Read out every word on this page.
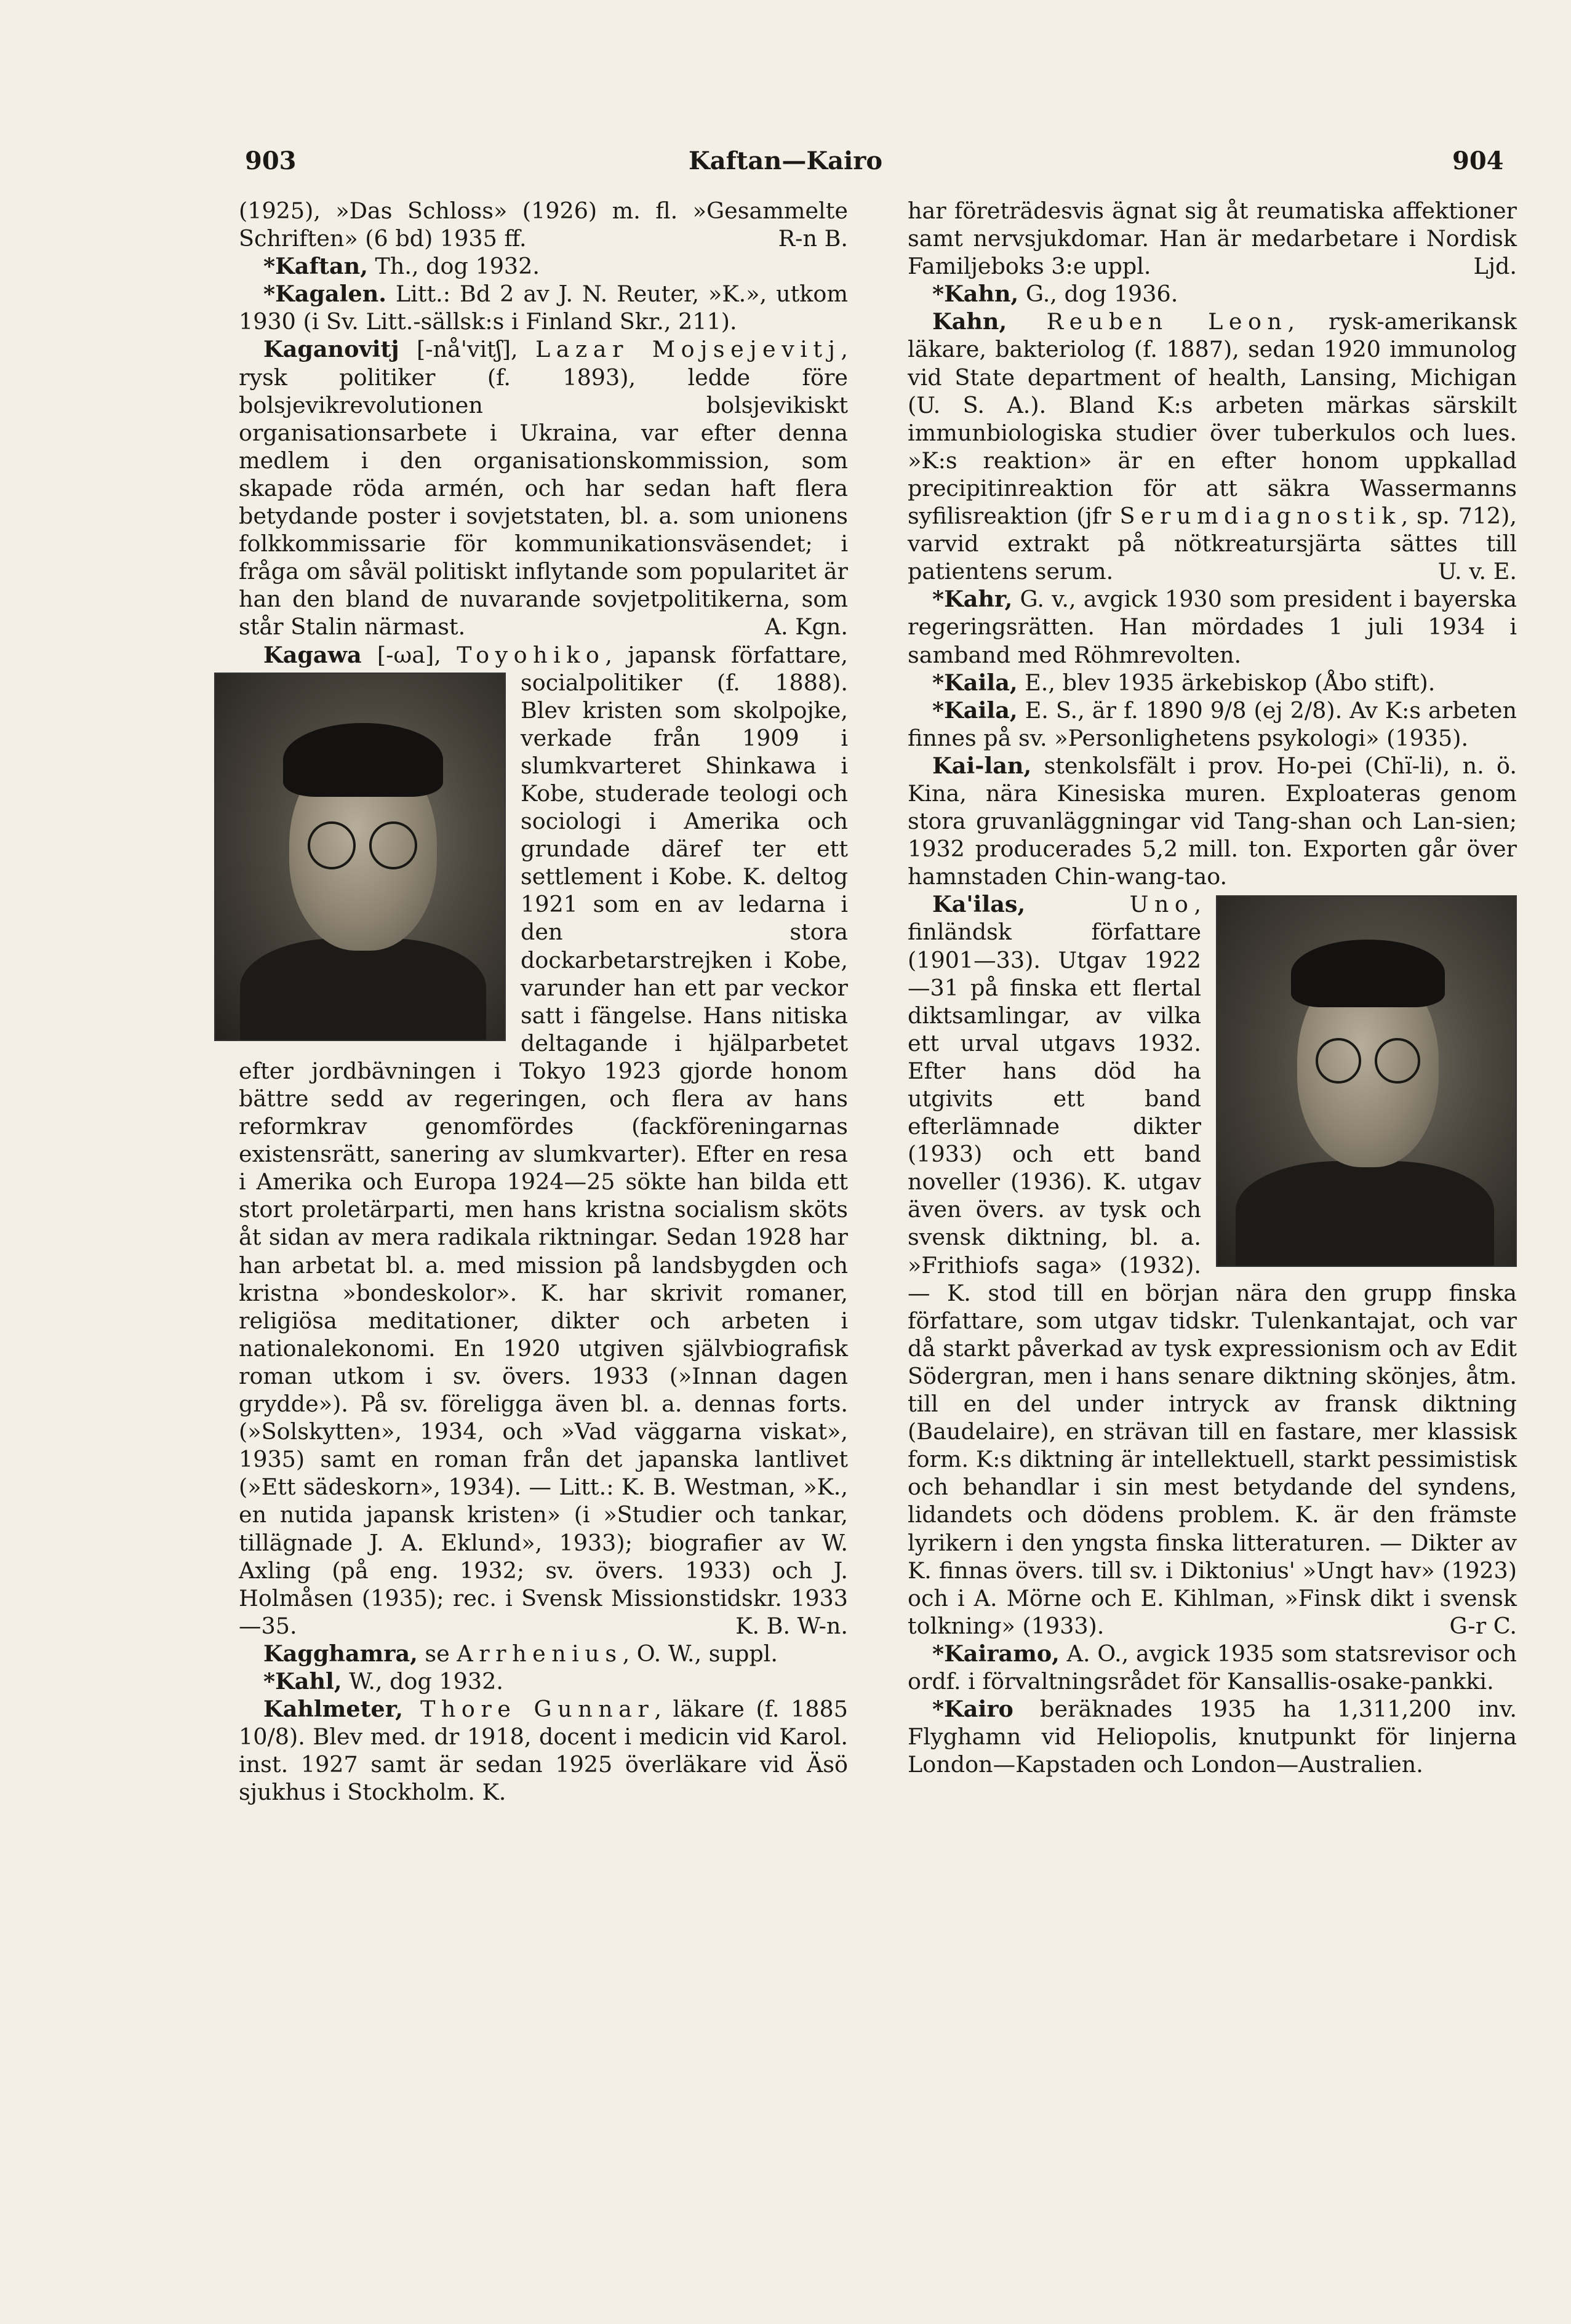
903	Kaftan—Kairo	904

(1925), »Das Schloss» (1926) m. fl. »Gesammelte Schriften» (6 bd) 1935 ff.	R-n B.

*Kaftan, Th., dog 1932.

*Kagalen. Litt.: Bd 2 av J. N. Reuter, »K.», utkom 1930 (i Sv. Litt.-sällsk:s i Finland Skr., 211).

Kaganovitj [-nå'vitʃ], Lazar Mojsejevitj, rysk politiker (f. 1893), ledde före bolsjevikrevolutionen bolsjevikiskt organisationsarbete i Ukraina, var efter denna medlem i den organisationskommission, som skapade röda armén, och har sedan haft flera betydande poster i sovjetstaten, bl. a. som unionens folkkommissarie för kommunikationsväsendet; i fråga om såväl politiskt inflytande som popularitet är han den bland de nuvarande sovjetpolitikerna, som står Stalin närmast.	A. Kgn.

Kagawa [-ωa], Toyohiko
, japansk författare, socialpolitiker (f. 1888). Blev kristen som skolpojke, verkade från 1909 i slumkvarteret Shinkawa i Kobe, studerade teologi och sociologi i Amerika och grundade däref ter ett settlement i Kobe. K. deltog 1921 som en av ledarna i den stora dockarbetarstrejken i Kobe, varunder han ett par veckor satt i fängelse. Hans nitiska deltagande i hjälparbetet efter jordbävningen i Tokyo 1923 gjorde honom bättre sedd av regeringen, och flera av hans reformkrav genomfördes (fackföreningarnas existensrätt, sanering av slumkvarter). Efter en resa i Amerika och Europa 1924—25 sökte han bilda ett stort proletärparti, men hans kristna socialism sköts åt sidan av mera radikala riktningar. Sedan 1928 har han arbetat bl. a. med mission på landsbygden och kristna »bondeskolor». K. har skrivit romaner, religiösa meditationer, dikter och arbeten i nationalekonomi. En 1920 utgiven självbiografisk roman utkom i sv. övers. 1933 (»Innan dagen grydde»). På sv. föreligga även bl. a. dennas forts. (»Solskytten», 1934, och »Vad väggarna viskat», 1935) samt en roman från det japanska lantlivet (»Ett sädeskorn», 1934). — Litt.: K. B. Westman, »K., en nutida japansk kristen» (i »Studier och tankar, tillägnade J. A. Eklund», 1933); biografier av W. Axling (på eng. 1932; sv. övers. 1933) och J. Holmåsen (1935); rec. i Svensk Missionstidskr. 1933—35.	K. B. W-n.

Kagghamra, se Arrhenius, O. W., suppl.

*Kahl, W., dog 1932.

Kahlmeter, Thore Gunnar, läkare (f. 1885 10/8). Blev med. dr 1918, docent i medicin vid Karol. inst. 1927 samt är sedan 1925 överläkare vid Äsö sjukhus i Stockholm. K.

har företrädesvis ägnat sig åt reumatiska affektioner samt nervsjukdomar. Han är medarbetare i Nordisk Familjeboks 3:e uppl.	Ljd.

*Kahn, G., dog 1936.

Kahn, Reuben Leon, rysk-amerikansk läkare, bakteriolog (f. 1887), sedan 1920 immunolog vid State department of health, Lansing, Michigan (U. S. A.). Bland K:s arbeten märkas särskilt immunbiologiska studier över tuberkulos och lues. »K:s reaktion» är en efter honom uppkallad precipitinreaktion för att säkra Wassermanns syfilisreaktion (jfr Serumdiagnostik, sp. 712), varvid extrakt på nötkreatursjärta sättes till patientens serum.	U. v. E.

*Kahr, G. v., avgick 1930 som president i bayerska regeringsrätten. Han mördades 1 juli 1934 i samband med Röhmrevolten.

*Kaila, E., blev 1935 ärkebiskop (Åbo stift).

*Kaila, E. S., är f. 1890 9/8 (ej 2/8). Av K:s arbeten finnes på sv. »Personlighetens psykologi» (1935).

Kai-lan, stenkolsfält i prov. Ho-pei (Chï-li), n. ö. Kina, nära Kinesiska muren. Exploateras genom stora gruvanläggningar vid Tang-shan och Lan-sien; 1932 producerades 5,2 mill. ton. Exporten går över hamnstaden Chin-wang-tao.

Ka'ilas, Uno, finländsk författare (1901—33). Utgav 1922—31 på finska ett flertal diktsamlingar, av vilka ett urval utgavs 1932. Efter hans död ha utgivits ett band efterlämnade dikter (1933) och ett band noveller (1936). K. utgav även övers. av tysk och svensk diktning, bl. a. »Frithiofs saga» (1932). — K. stod till en början nära den grupp finska författare, som utgav tidskr. Tulenkantajat, och var då starkt påverkad av tysk expressionism och av Edit Södergran, men i hans senare diktning skönjes, åtm. till en del under intryck av fransk diktning (Baudelaire), en strävan till en fastare, mer klassisk form. K:s diktning är intellektuell, starkt pessimistisk och behandlar i sin mest betydande del syndens, lidandets och dödens problem. K. är den främste lyrikern i den yngsta finska litteraturen. — Dikter av K. finnas övers. till sv. i Diktonius' »Ungt hav» (1923) och i A. Mörne och E. Kihlman, »Finsk dikt i svensk tolkning» (1933).	G-r C.

*Kairamo, A. O., avgick 1935 som statsrevisor och ordf. i förvaltningsrådet för Kansallis-osake-pankki.

*Kairo beräknades 1935 ha 1,311,200 inv. Flyghamn vid Heliopolis, knutpunkt för linjerna London—Kapstaden och London—Australien.
